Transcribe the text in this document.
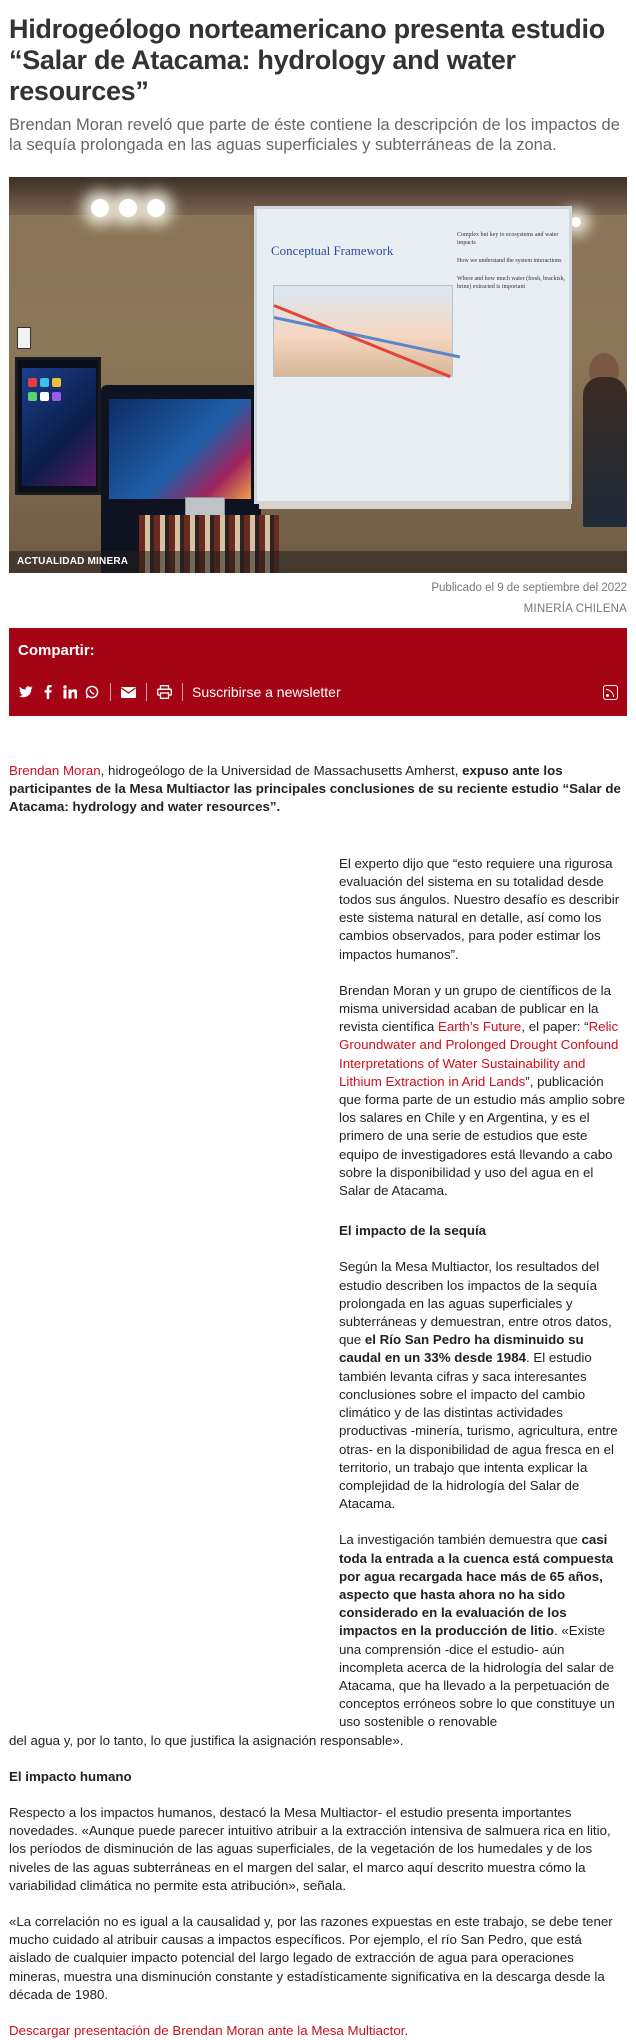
Hidrogeólogo norteamericano presenta estudio “Salar de Atacama: hydrology and water resources”

Brendan Moran reveló que parte de éste contiene la descripción de los impactos de la sequía prolongada en las aguas superficiales y subterráneas de la zona.

Conceptual Framework
Complex but key to ecosystems and water impacts
How we understand the system interactions
Where and how much water (fresh, brackish, brine) extracted is important
ACTUALIDAD MINERA
Publicado el 9 de septiembre del 2022
MINERÍA CHILENA
Compartir:
Suscribirse a newsletter

Brendan Moran, hidrogeólogo de la Universidad de Massachusetts Amherst, expuso ante los participantes de la Mesa Multiactor las principales conclusiones de su reciente estudio “Salar de Atacama: hydrology and water resources”.

El experto dijo que “esto requiere una rigurosa evaluación del sistema en su totalidad desde todos sus ángulos. Nuestro desafío es describir este sistema natural en detalle, así como los cambios observados, para poder estimar los impactos humanos”.

Brendan Moran y un grupo de científicos de la misma universidad acaban de publicar en la revista científica Earth’s Future, el paper: “Relic Groundwater and Prolonged Drought Confound Interpretations of Water Sustainability and Lithium Extraction in Arid Lands”, publicación que forma parte de un estudio más amplio sobre los salares en Chile y en Argentina, y es el primero de una serie de estudios que este equipo de investigadores está llevando a cabo sobre la disponibilidad y uso del agua en el Salar de Atacama.

El impacto de la sequía

Según la Mesa Multiactor, los resultados del estudio describen los impactos de la sequía prolongada en las aguas superficiales y subterráneas y demuestran, entre otros datos, que el Río San Pedro ha disminuido su caudal en un 33% desde 1984. El estudio también levanta cifras y saca interesantes conclusiones sobre el impacto del cambio climático y de las distintas actividades productivas -minería, turismo, agricultura, entre otras- en la disponibilidad de agua fresca en el territorio, un trabajo que intenta explicar la complejidad de la hidrología del Salar de Atacama.

La investigación también demuestra que casi toda la entrada a la cuenca está compuesta por agua recargada hace más de 65 años, aspecto que hasta ahora no ha sido considerado en la evaluación de los impactos en la producción de litio. «Existe una comprensión -dice el estudio- aún incompleta acerca de la hidrología del salar de Atacama, que ha llevado a la perpetuación de conceptos erróneos sobre lo que constituye un uso sostenible o renovable

del agua y, por lo tanto, lo que justifica la asignación responsable».

El impacto humano

Respecto a los impactos humanos, destacó la Mesa Multiactor- el estudio presenta importantes novedades. «Aunque puede parecer intuitivo atribuir a la extracción intensiva de salmuera rica en litio, los períodos de disminución de las aguas superficiales, de la vegetación de los humedales y de los niveles de las aguas subterráneas en el margen del salar, el marco aquí descrito muestra cómo la variabilidad climática no permite esta atribución», señala.

«La correlación no es igual a la causalidad y, por las razones expuestas en este trabajo, se debe tener mucho cuidado al atribuir causas a impactos específicos. Por ejemplo, el río San Pedro, que está aislado de cualquier impacto potencial del largo legado de extracción de agua para operaciones mineras, muestra una disminución constante y estadísticamente significativa en la descarga desde la década de 1980.

Descargar presentación de Brendan Moran ante la Mesa Multiactor.
